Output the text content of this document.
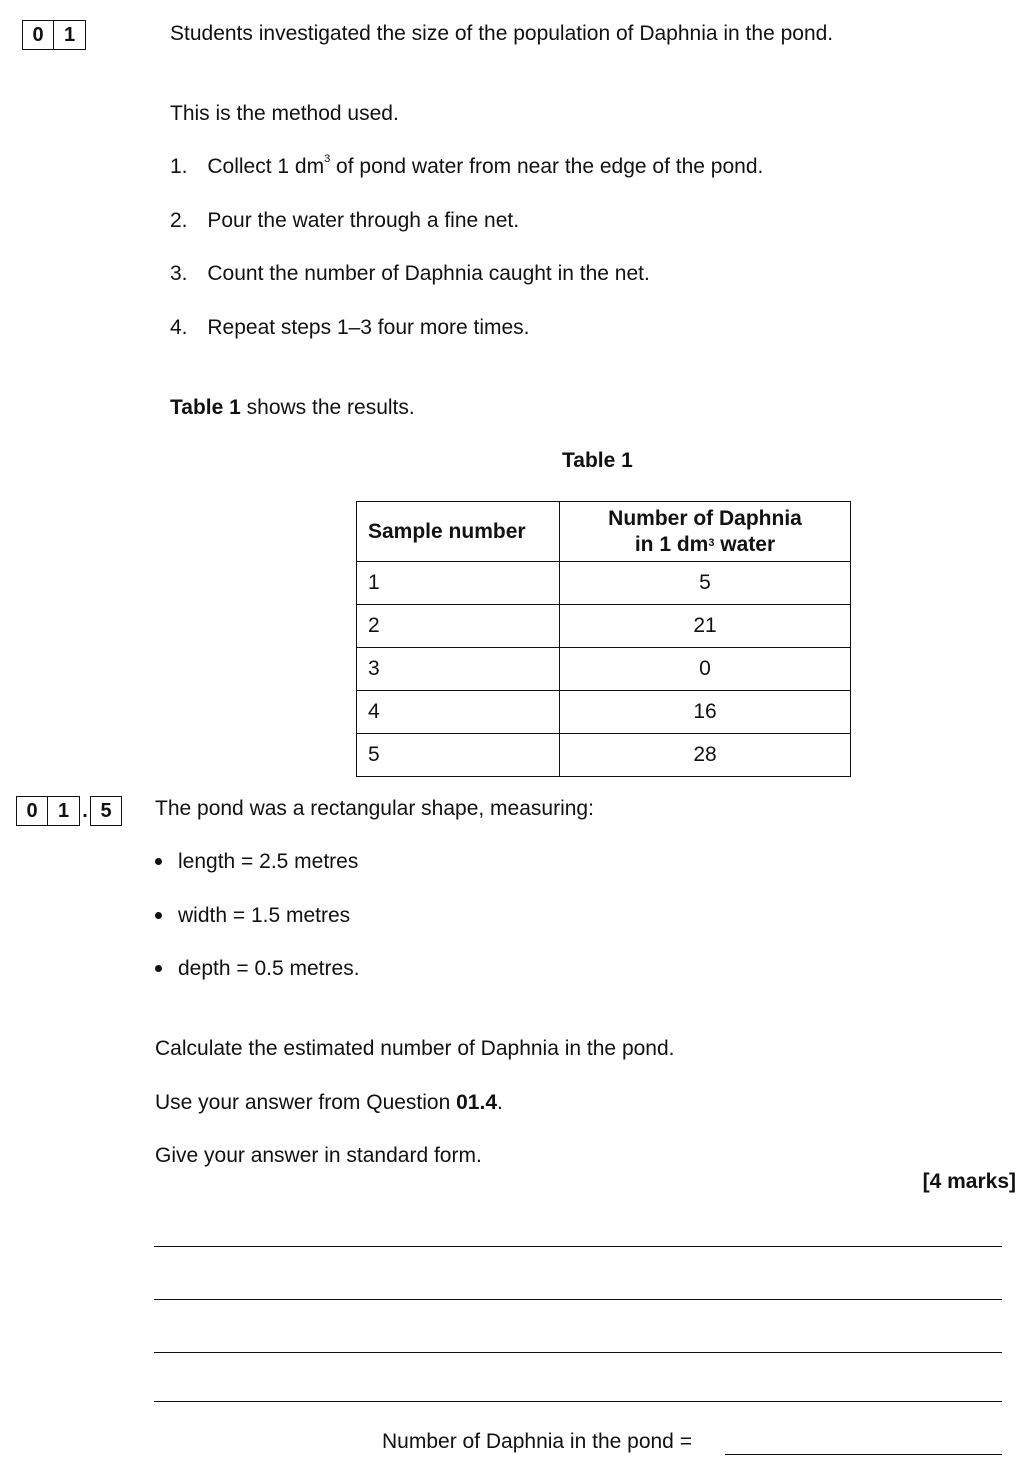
0	1	Students investigated the size of the population of Daphnia in the pond.
This is the method used.
1. Collect 1 $dm^3$ of pond water from near the edge of the pond.
2. Pour the water through a fine net.
3. Count the number of Daphnia caught in the net.
4. Repeat steps 1–3 four more times.
Table 1 shows the results.
Table 1
Sample number	Number of Daphnia
in 1 $dm^3$ water
1	5
2	21
3	0
4	16
5	28
0	1 . 5	The pond was a rectangular shape, measuring:
length = 2.5 metres
width = 1.5 metres
depth = 0.5 metres.
Calculate the estimated number of Daphnia in the pond.
Use your answer from Question 01.4.
Give your answer in standard form.
[4 marks]
Number of Daphnia in the pond =
